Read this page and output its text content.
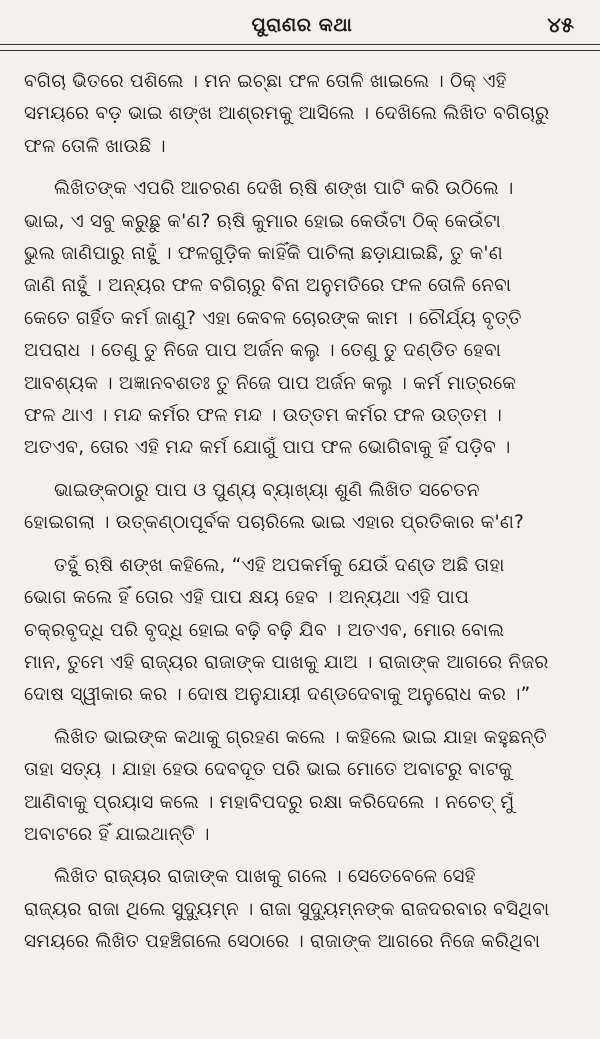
ପୁରାଣର କଥା	୪୫
ବଗିଚା ଭିତରେ ପଶିଲେ । ମନ ଇଚ୍ଛା ଫଳ ତୋଳି ଖାଇଲେ । ଠିକ୍ ଏହି
ସମୟରେ ବଡ଼ ଭାଇ ଶଙ୍ଖ ଆଶ୍ରମକୁ ଆସିଲେ । ଦେଖିଲେ ଲିଖିତ ବଗିଚାରୁ
ଫଳ ତୋଳି ଖାଉଛି ।
ଲିଖିତଙ୍କ ଏପରି ଆଚରଣ ଦେଖି ଋଷି ଶଙ୍ଖ ପାଟି କରି ଉଠିଲେ ।
ଭାଇ, ଏ ସବୁ କରୁଛୁ କ'ଣ? ଋଷି କୁମାର ହୋଇ କେଉଁଟା ଠିକ୍ କେଉଁଟା
ଭୁଲ ଜାଣିପାରୁ ନାହୁଁ । ଫଳଗୁଡ଼ିକ କାହିଁକି ପାଚିଲା ଛଡ଼ାଯାଇଛି, ତୁ କ'ଣ
ଜାଣି ନାହୁଁ । ଅନ୍ୟର ଫଳ ବଗିଚାରୁ ବିନା ଅନୁମତିରେ ଫଳ ତୋଳି ନେବା
କେତେ ଗର୍ହିତ କର୍ମ ଜାଣୁ? ଏହା କେବଳ ଚୋରଙ୍କ କାମ । ଚୌର୍ଯ୍ୟ ବୃତ୍ତି
ଅପରାଧ । ତେଣୁ ତୁ ନିଜେ ପାପ ଅର୍ଜନ କଲୁ । ତେଣୁ ତୁ ଦଣ୍ଡିତ ହେବା
ଆବଶ୍ୟକ । ଅଜ୍ଞାନବଶତଃ ତୁ ନିଜେ ପାପ ଅର୍ଜନ କଲୁ । କର୍ମ ମାତ୍ରକେ
ଫଳ ଥାଏ । ମନ୍ଦ କର୍ମର ଫଳ ମନ୍ଦ । ଉତ୍ତମ କର୍ମର ଫଳ ଉତ୍ତମ ।
ଅତଏବ, ତୋର ଏହି ମନ୍ଦ କର୍ମ ଯୋଗୁଁ ପାପ ଫଳ ଭୋଗିବାକୁ ହିଁ ପଡ଼ିବ ।
ଭାଇଙ୍କଠାରୁ ପାପ ଓ ପୁଣ୍ୟ ବ୍ୟାଖ୍ୟା ଶୁଣି ଲିଖିତ ସଚେତନ
ହୋଇଗଲା । ଉତ୍କଣ୍ଠାପୂର୍ବକ ପଚାରିଲେ ଭାଇ ଏହାର ପ୍ରତିକାର କ'ଣ?
ତହୁଁ ଋଷି ଶଙ୍ଖ କହିଲେ, “ଏହି ଅପକର୍ମକୁ ଯେଉଁ ଦଣ୍ଡ ଅଛି ତାହା
ଭୋଗ କଲେ ହିଁ ତୋର ଏହି ପାପ କ୍ଷୟ ହେବ । ଅନ୍ୟଥା ଏହି ପାପ
ଚକ୍ରବୃଦ୍ଧି ପରି ବୃଦ୍ଧି ହୋଇ ବଢ଼ି ବଢ଼ି ଯିବ । ଅତଏବ, ମୋର ବୋଲ
ମାନ, ତୁମେ ଏହି ରାଜ୍ୟର ରାଜାଙ୍କ ପାଖକୁ ଯାଅ । ରାଜାଙ୍କ ଆଗରେ ନିଜର
ଦୋଷ ସ୍ୱୀକାର କର । ଦୋଷ ଅନୁଯାୟୀ ଦଣ୍ଡଦେବାକୁ ଅନୁରୋଧ କର ।”
ଲିଖିତ ଭାଇଙ୍କ କଥାକୁ ଗ୍ରହଣ କଲେ । କହିଲେ ଭାଇ ଯାହା କହୁଛନ୍ତି
ତାହା ସତ୍ୟ । ଯାହା ହେଉ ଦେବଦୂତ ପରି ଭାଇ ମୋତେ ଅବାଟରୁ ବାଟକୁ
ଆଣିବାକୁ ପ୍ରୟାସ କଲେ । ମହାବିପଦରୁ ରକ୍ଷା କରିଦେଲେ । ନଚେତ୍ ମୁଁ
ଅବାଟରେ ହିଁ ଯାଇଥାନ୍ତି ।
ଲିଖିତ ରାଜ୍ୟର ରାଜାଙ୍କ ପାଖକୁ ଗଲେ । ସେତେବେଳେ ସେହି
ରାଜ୍ୟର ରାଜା ଥିଲେ ସୁଦ୍ୟୁମ୍ନ । ରାଜା ସୁଦ୍ୟୁମ୍ନଙ୍କ ରାଜଦରବାର ବସିଥିବା
ସମୟରେ ଲିଖିତ ପହଞ୍ଚିଗଲେ ସେଠାରେ । ରାଜାଙ୍କ ଆଗରେ ନିଜେ କରିଥିବା
